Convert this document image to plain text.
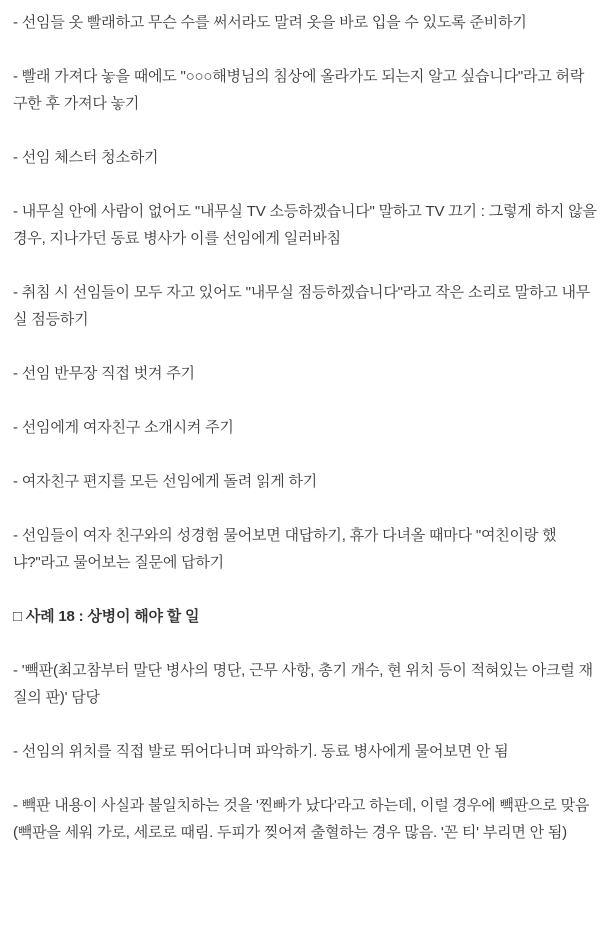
- 선임들 옷 빨래하고 무슨 수를 써서라도 말려 옷을 바로 입을 수 있도록 준비하기

- 빨래 가져다 놓을 때에도 "○○○해병님의 침상에 올라가도 되는지 알고 싶습니다"라고 허락 구한 후 가져다 놓기

- 선임 체스터 청소하기

- 내무실 안에 사람이 없어도 "내무실 TV 소등하겠습니다" 말하고 TV 끄기 : 그렇게 하지 않을 경우, 지나가던 동료 병사가 이를 선임에게 일러바침

- 취침 시 선임들이 모두 자고 있어도 "내무실 점등하겠습니다"라고 작은 소리로 말하고 내무실 점등하기

- 선임 반무장 직접 벗겨 주기

- 선임에게 여자친구 소개시켜 주기

- 여자친구 편지를 모든 선임에게 돌려 읽게 하기

- 선임들이 여자 친구와의 성경험 물어보면 대답하기, 휴가 다녀올 때마다 "여친이랑 했냐?"라고 물어보는 질문에 답하기

□ 사례 18 : 상병이 해야 할 일

- '빽판(최고참부터 말단 병사의 명단, 근무 사항, 총기 개수, 현 위치 등이 적혀있는 아크럴 재질의 판)' 담당

- 선임의 위치를 직접 발로 뛰어다니며 파악하기. 동료 병사에게 물어보면 안 됨

- 빽판 내용이 사실과 불일치하는 것을 '찐빠가 났다'라고 하는데, 이럴 경우에 빽판으로 맞음(빽판을 세워 가로, 세로로 때림. 두피가 찢어져 출혈하는 경우 많음. '꼰 티' 부리면 안 됨)
